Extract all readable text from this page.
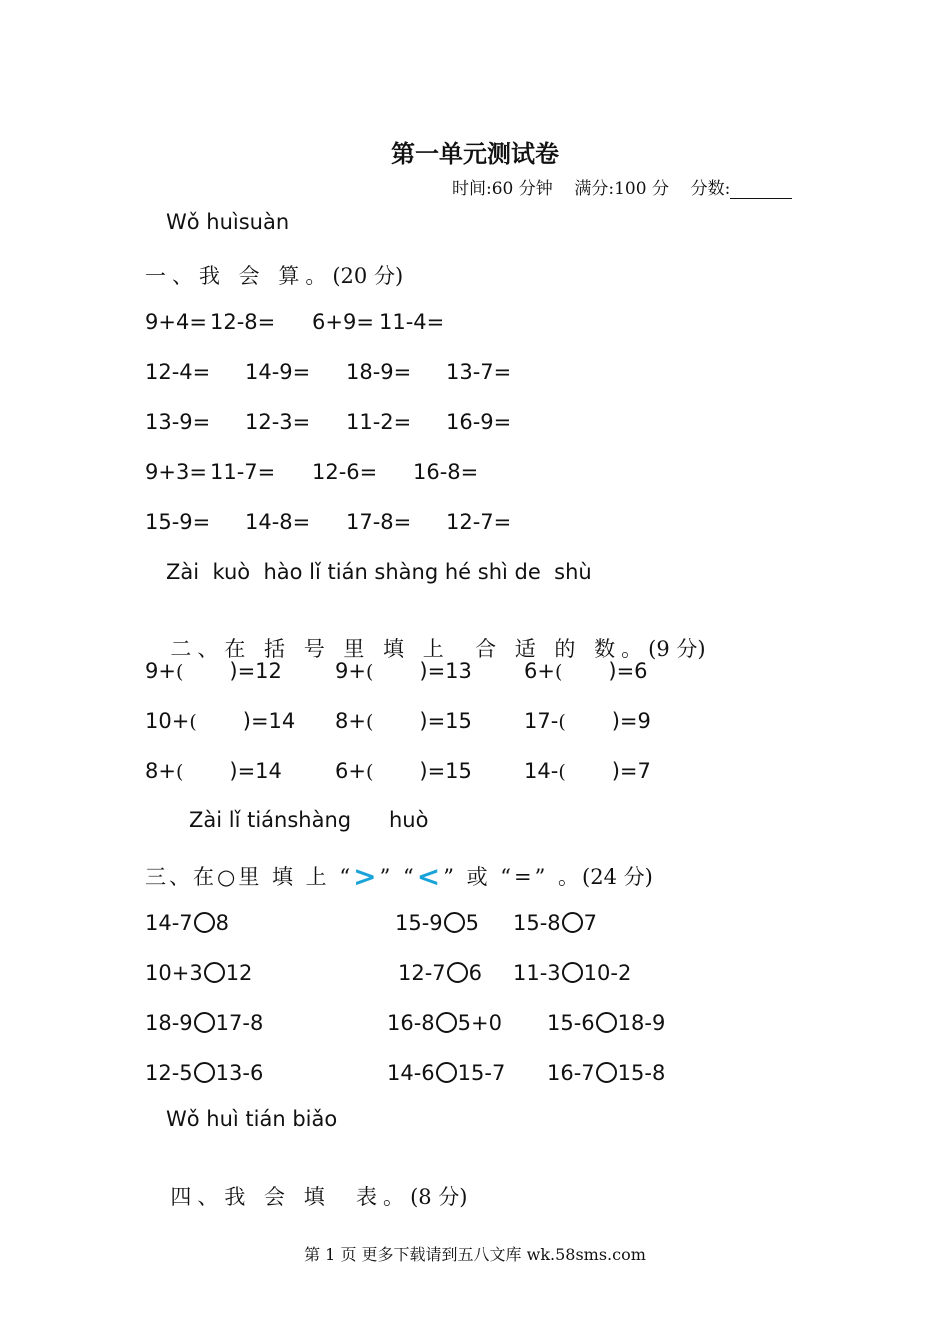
第一单元测试卷
时间:60 分钟 满分:100 分 分数:
Wǒ huìsuàn
一、我 会 算。(20 分)
9+4= 12-8= 6+9= 11-4=
12-4= 14-9= 18-9= 13-7=
13-9= 12-3= 11-2= 16-9=
9+3= 11-7= 12-6= 16-8=
15-9= 14-8= 17-8= 12-7=
Zài  kuò  hào lǐ tián shàng hé shì de  shù

二、在 括 号 里 填 上  合 适 的 数。(9 分)

9+( )=12	9+( )=13 6+( )=6
10+( )=14 8+( )=15 17-( )=9
8+( )=14	6+( )=15 14-( )=7
Zài lǐ tiánshàng huò
三、在○里 填 上 “>” “<” 或 “=” 。(24 分)
14-7 8	15-9 5 15-8 7
10+3 12	12-7 6 11-3 10-2
18-9 17-8	16-8 5+0 15-6 18-9
12-5 13-6	14-6 15-7 16-7 15-8
Wǒ huì tián biǎo

四、我 会 填  表。(8 分)

第 1 页 更多下载请到五八文库 wk.58sms.com
